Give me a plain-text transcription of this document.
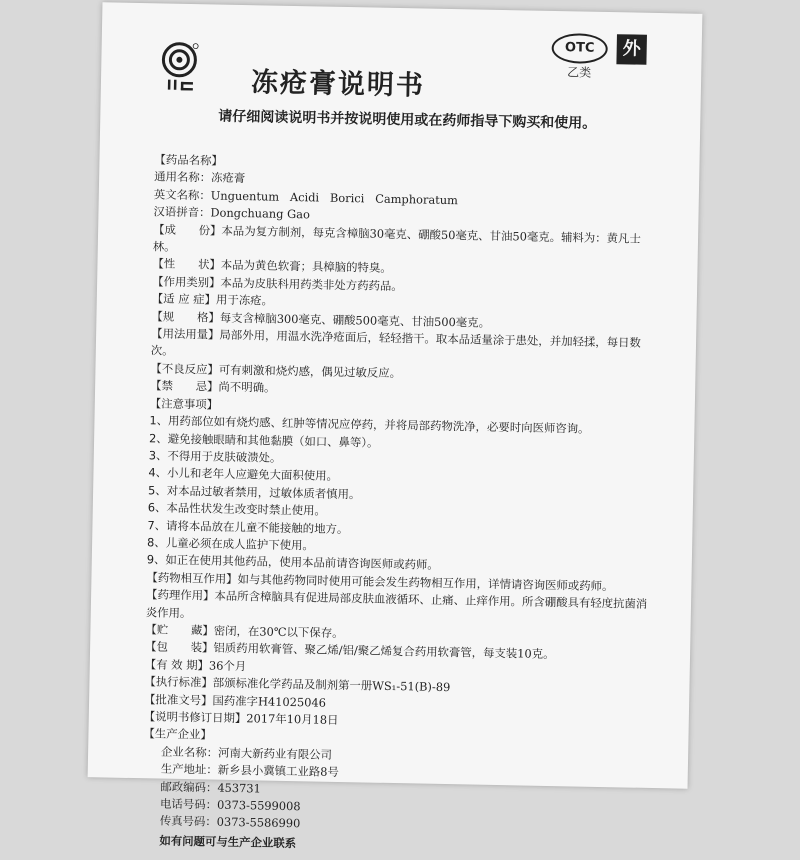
OTC
乙类
外
冻疮膏说明书
请仔细阅读说明书并按说明使用或在药师指导下购买和使用。
【药品名称】
通用名称：冻疮膏
英文名称：Unguentum   Acidi   Borici   Camphoratum
汉语拼音：Dongchuang Gao
【成　　份】本品为复方制剂，每克含樟脑30毫克、硼酸50毫克、甘油50毫克。辅料为：黄凡士林。
【性　　状】本品为黄色软膏；具樟脑的特臭。
【作用类别】本品为皮肤科用药类非处方药药品。
【适 应 症】用于冻疮。
【规　　格】每支含樟脑300毫克、硼酸500毫克、甘油500毫克。
【用法用量】局部外用，用温水洗净疮面后，轻轻揩干。取本品适量涂于患处，并加轻揉，每日数次。
【不良反应】可有刺激和烧灼感，偶见过敏反应。
【禁　　忌】尚不明确。
【注意事项】
1、用药部位如有烧灼感、红肿等情况应停药，并将局部药物洗净，必要时向医师咨询。
2、避免接触眼睛和其他黏膜（如口、鼻等）。
3、不得用于皮肤破溃处。
4、小儿和老年人应避免大面积使用。
5、对本品过敏者禁用，过敏体质者慎用。
6、本品性状发生改变时禁止使用。
7、请将本品放在儿童不能接触的地方。
8、儿童必须在成人监护下使用。
9、如正在使用其他药品，使用本品前请咨询医师或药师。
【药物相互作用】如与其他药物同时使用可能会发生药物相互作用，详情请咨询医师或药师。
【药理作用】本品所含樟脑具有促进局部皮肤血液循环、止痛、止痒作用。所含硼酸具有轻度抗菌消炎作用。
【贮　　藏】密闭，在30℃以下保存。
【包　　装】铝质药用软膏管、聚乙烯/铝/聚乙烯复合药用软膏管，每支装10克。
【有 效 期】36个月
【执行标准】部颁标准化学药品及制剂第一册WS₁-51(B)-89
【批准文号】国药准字H41025046
【说明书修订日期】2017年10月18日
【生产企业】
企业名称：河南大新药业有限公司
生产地址：新乡县小冀镇工业路8号
邮政编码：453731
电话号码：0373-5599008
传真号码：0373-5586990
如有问题可与生产企业联系
